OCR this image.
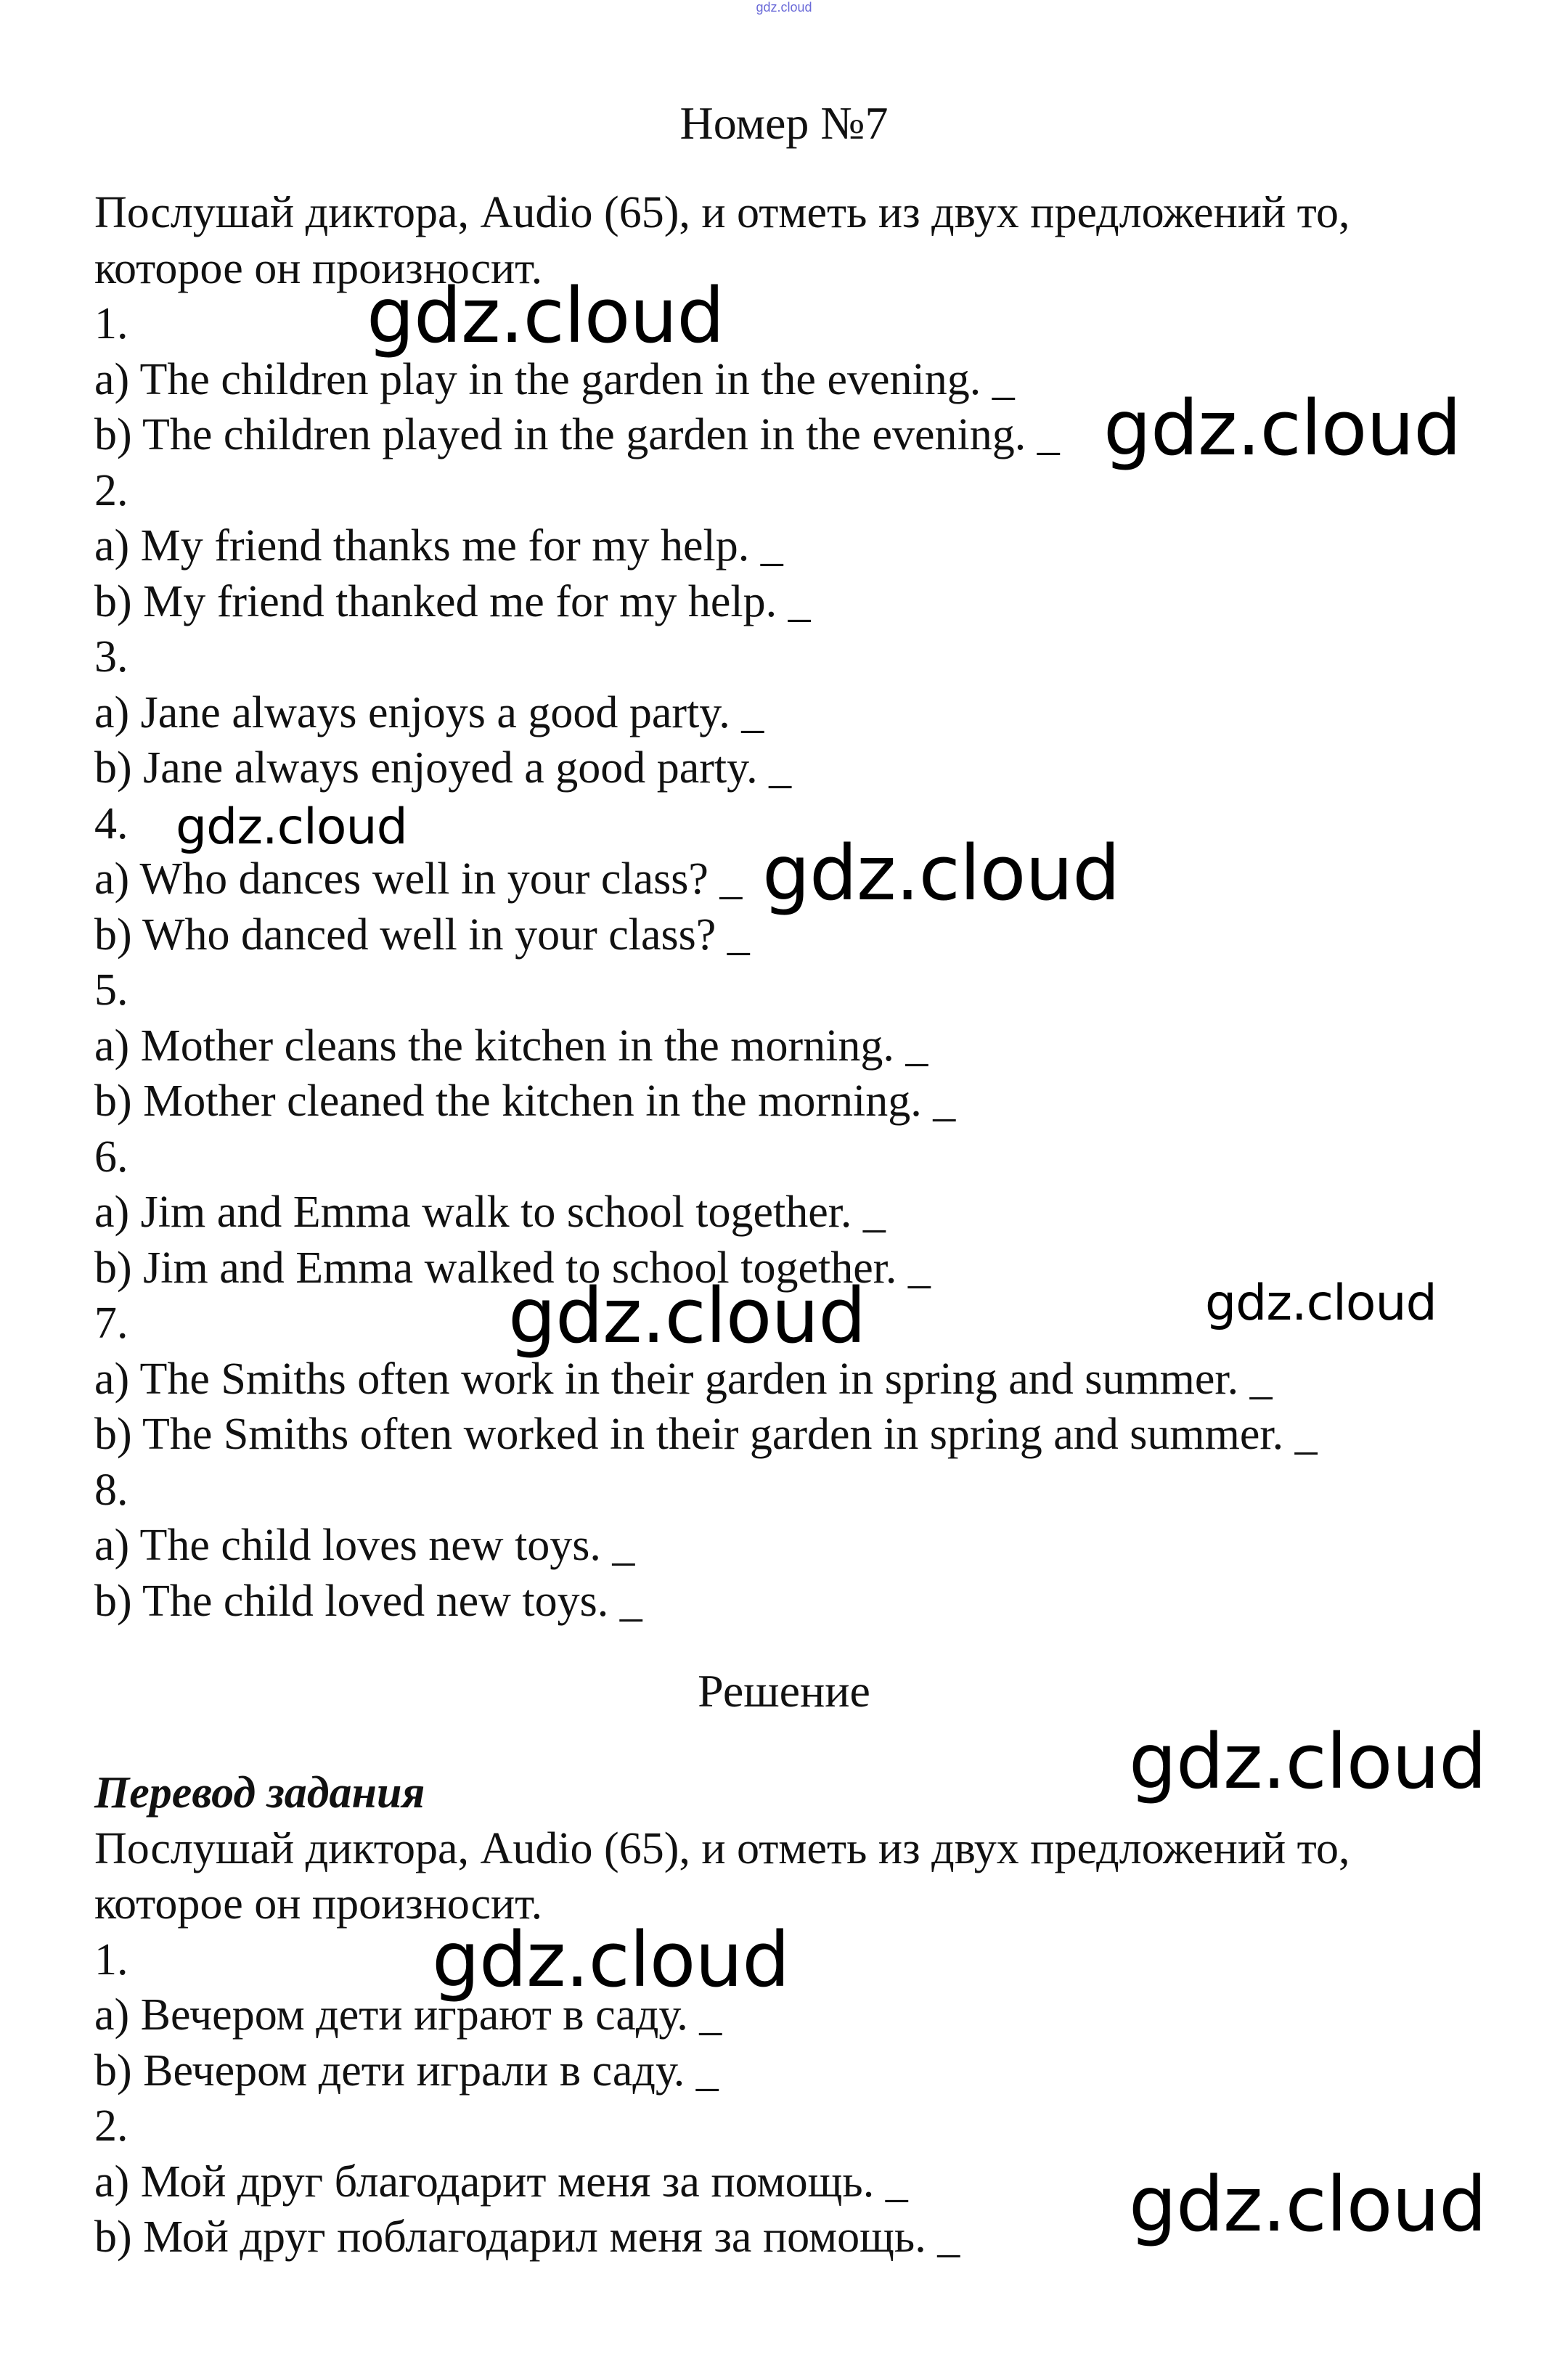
gdz.cloud
Номер №7
Послушай диктора, Audio (65), и отметь из двух предложений то,
которое он произносит.
1.
a) The children play in the garden in the evening. _
b) The children played in the garden in the evening. _
2.
a) My friend thanks me for my help. _
b) My friend thanked me for my help. _
3.
a) Jane always enjoys a good party. _
b) Jane always enjoyed a good party. _
4.
a) Who dances well in your class? _
b) Who danced well in your class? _
5.
a) Mother cleans the kitchen in the morning. _
b) Mother cleaned the kitchen in the morning. _
6.
a) Jim and Emma walk to school together. _
b) Jim and Emma walked to school together. _
7.
a) The Smiths often work in their garden in spring and summer. _
b) The Smiths often worked in their garden in spring and summer. _
8.
a) The child loves new toys. _
b) The child loved new toys. _
Решение
Перевод задания
Послушай диктора, Audio (65), и отметь из двух предложений то,
которое он произносит.
1.
a) Вечером дети играют в саду. _
b) Вечером дети играли в саду. _
2.
a) Мой друг благодарит меня за помощь. _
b) Мой друг поблагодарил меня за помощь. _
gdz.cloud
gdz.cloud
gdz.cloud
gdz.cloud
gdz.cloud	gdz.cloud
gdz.cloud
gdz.cloud
gdz.cloud
